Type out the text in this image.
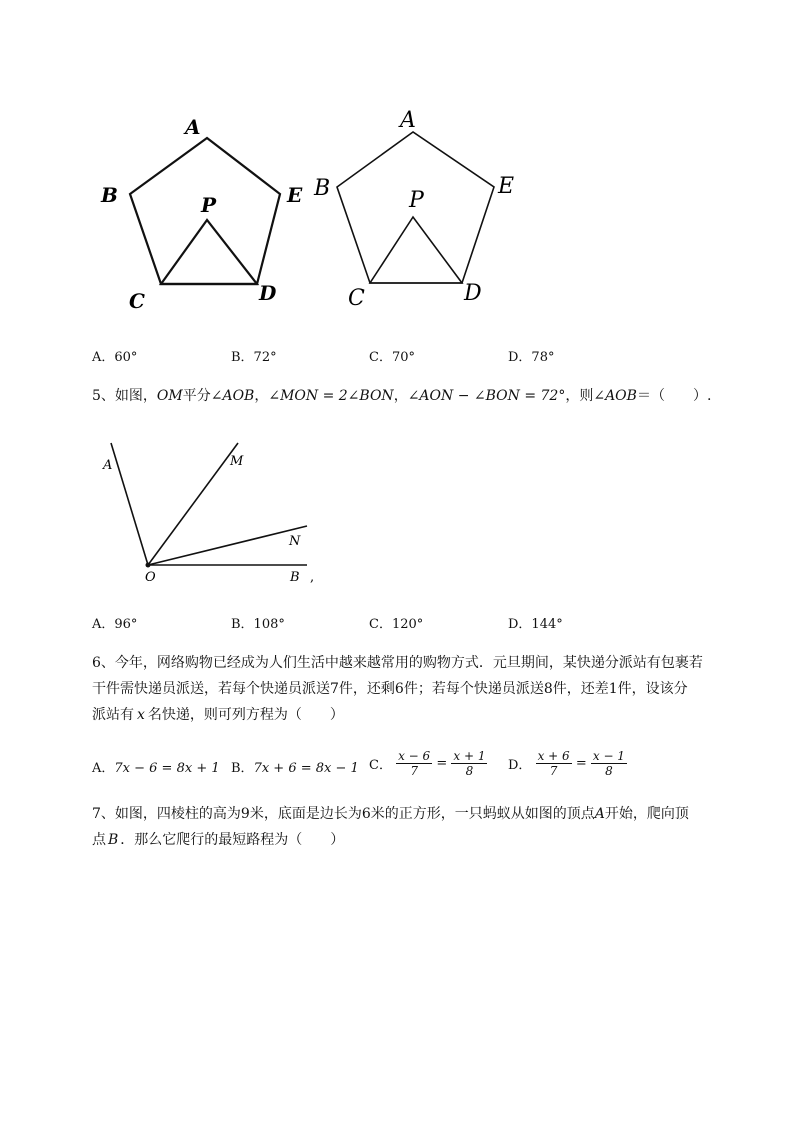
A
B	E
P
C	D
A
B	E
P
C	D
A．60°	B．72°	C．70°	D．78°
5、如图，OM平分∠AOB，∠MON = 2∠BON，∠AON − ∠BON = 72°，则∠AOB＝（　　）.
A	M
N
O	B ,
A．96°	B．108°	C．120°	D．144°
6、今年，网络购物已经成为人们生活中越来越常用的购物方式．元旦期间，某快递分派站有包裹若
干件需快递员派送，若每个快递员派送7件，还剩6件；若每个快递员派送8件，还差1件，设该分
派站有 x 名快递，则可列方程为（　　）
A．7x − 6 = 8x + 1 B．7x + 6 = 8x − 1 C． $\frac{x - 6}{7} = \frac{x + 1}{8}$ D． $\frac{x + 6}{7} = \frac{x - 1}{8}$
7、如图，四棱柱的高为9米，底面是边长为6米的正方形，一只蚂蚁从如图的顶点A开始，爬向顶
点 B ．那么它爬行的最短路程为（　　）
